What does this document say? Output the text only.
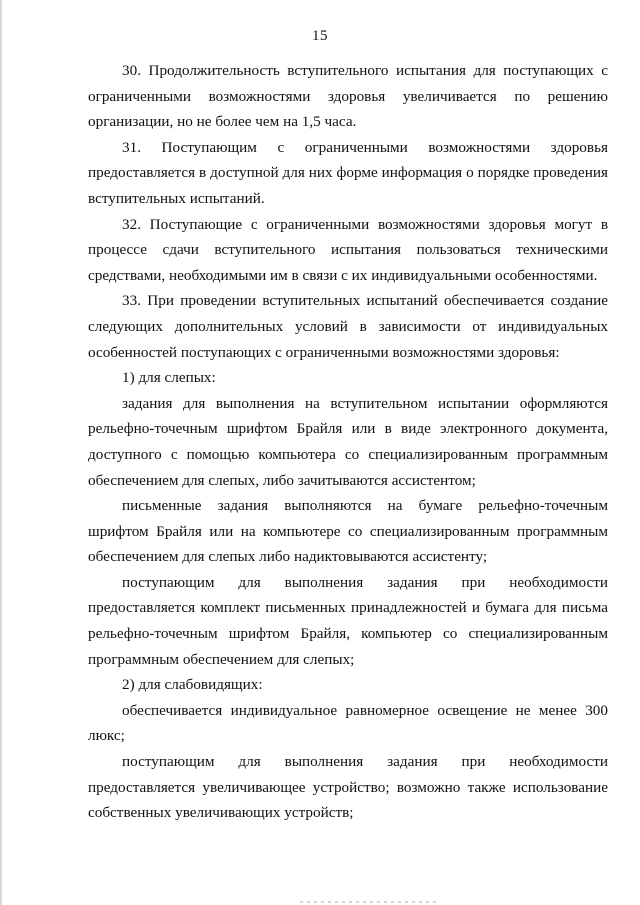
15

30. Продолжительность вступительного испытания для поступающих с ограниченными возможностями здоровья увеличивается по решению организации, но не более чем на 1,5 часа.

31. Поступающим с ограниченными возможностями здоровья предоставляется в доступной для них форме информация о порядке проведения вступительных испытаний.

32. Поступающие с ограниченными возможностями здоровья могут в процессе сдачи вступительного испытания пользоваться техническими средствами, необходимыми им в связи с их индивидуальными особенностями.

33. При проведении вступительных испытаний обеспечивается создание следующих дополнительных условий в зависимости от индивидуальных особенностей поступающих с ограниченными возможностями здоровья:

1) для слепых:

задания для выполнения на вступительном испытании оформляются рельефно-точечным шрифтом Брайля или в виде электронного документа, доступного с помощью компьютера со специализированным программным обеспечением для слепых, либо зачитываются ассистентом;

письменные задания выполняются на бумаге рельефно-точечным шрифтом Брайля или на компьютере со специализированным программным обеспечением для слепых либо надиктовываются ассистенту;

поступающим для выполнения задания при необходимости предоставляется комплект письменных принадлежностей и бумага для письма рельефно-точечным шрифтом Брайля, компьютер со специализированным программным обеспечением для слепых;

2) для слабовидящих:

обеспечивается индивидуальное равномерное освещение не менее 300 люкс;

поступающим для выполнения задания при необходимости предоставляется увеличивающее устройство; возможно также использование собственных увеличивающих устройств;
